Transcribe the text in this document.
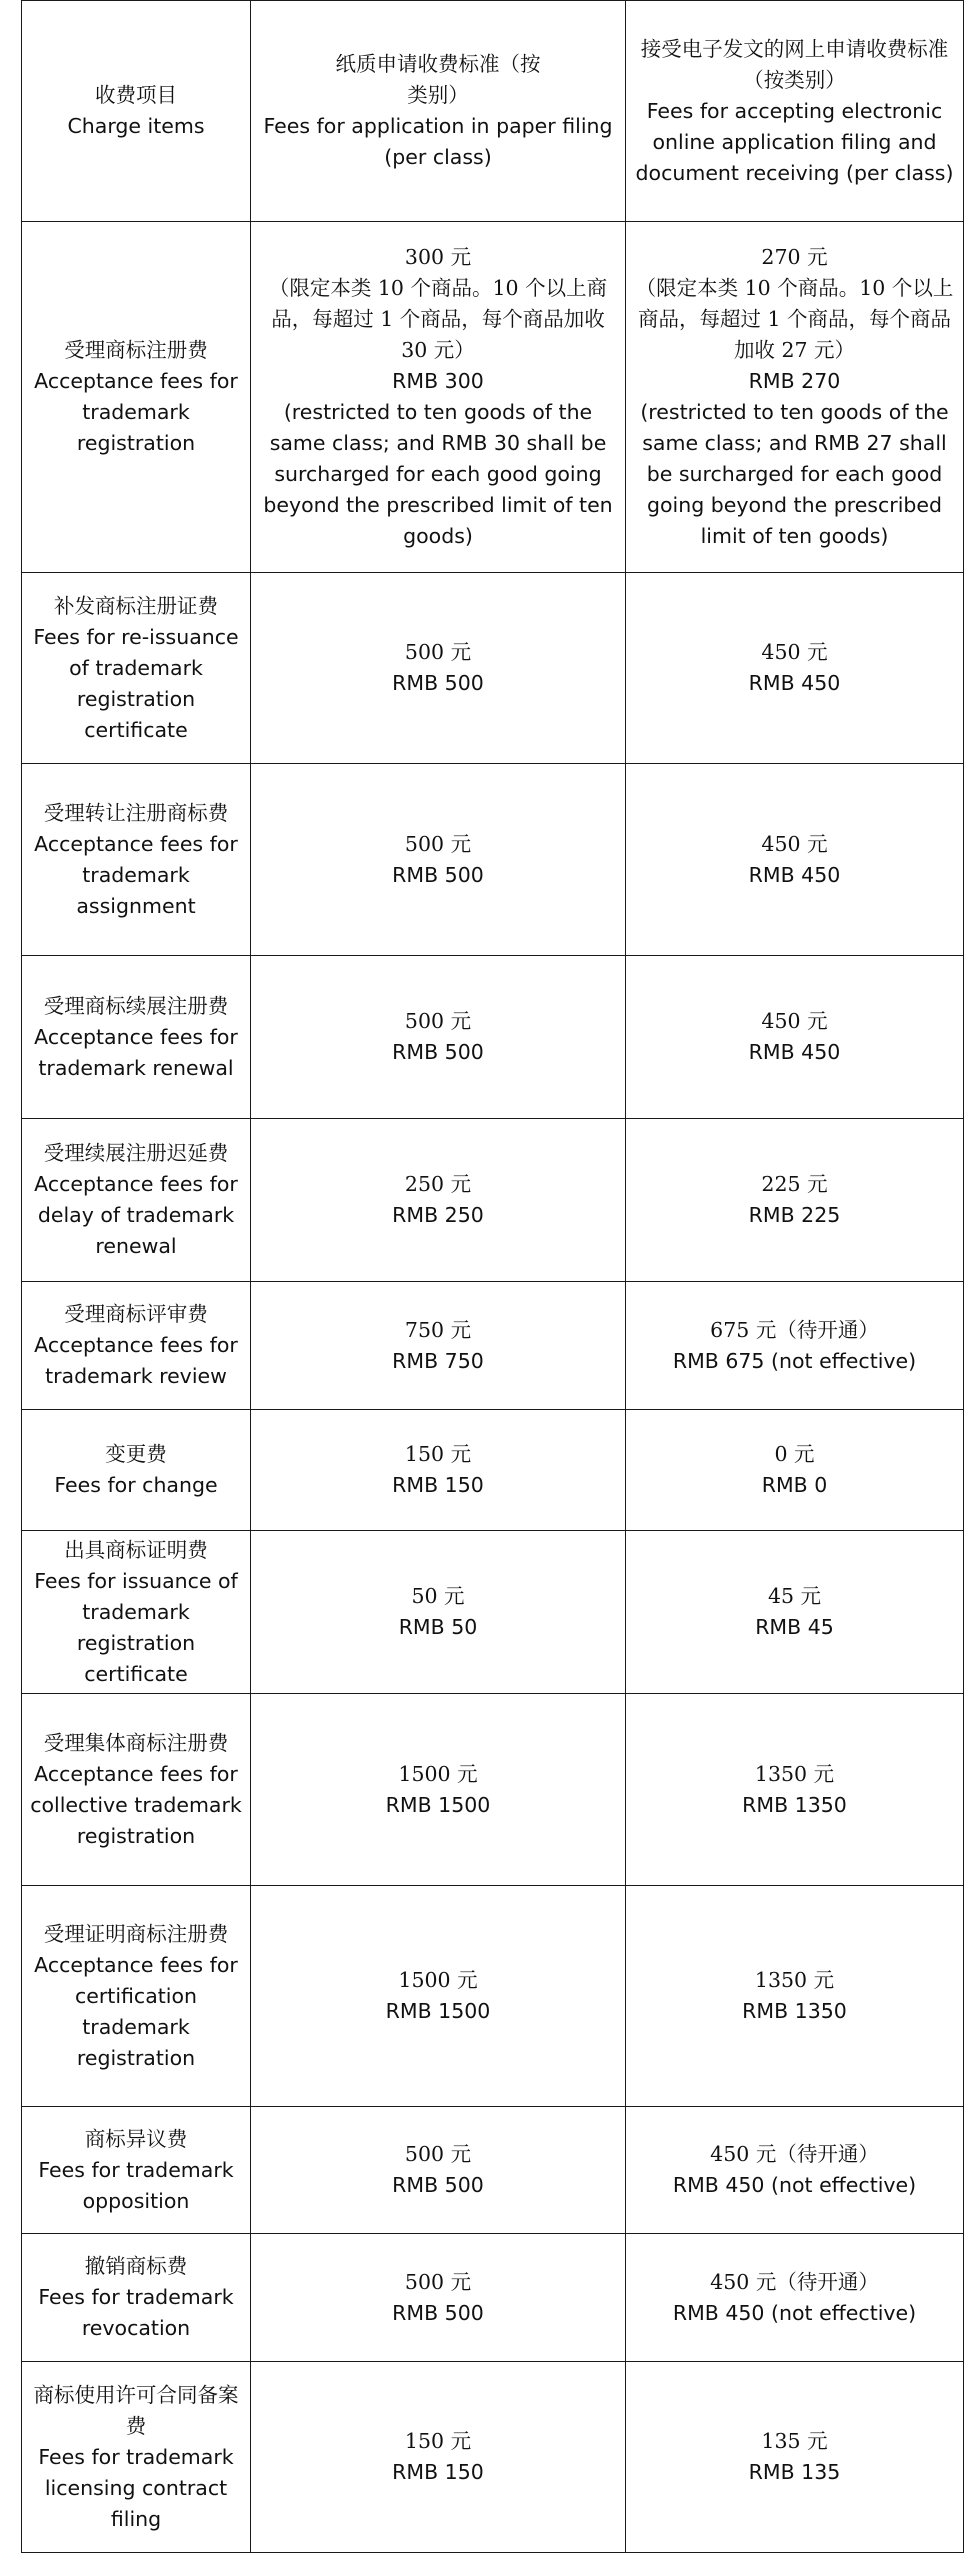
收费项目
Charge items	纸质申请收费标准（按类别）
Fees for application in paper filing (per class)	接受电子发文的网上申请收费标准（按类别）
Fees for accepting electronic online application filing and document receiving (per class)

受理商标注册费
Acceptance fees for trademark registration	300 元
（限定本类 10 个商品。10 个以上商品，每超过 1 个商品，每个商品加收 30 元）
RMB 300
(restricted to ten goods of the same class; and RMB 30 shall be surcharged for each good going beyond the prescribed limit of ten goods)	270 元
（限定本类 10 个商品。10 个以上商品，每超过 1 个商品，每个商品加收 27 元）
RMB 270
(restricted to ten goods of the same class; and RMB 27 shall be surcharged for each good going beyond the prescribed limit of ten goods)

补发商标注册证费
Fees for re-issuance of trademark registration certificate	500 元
RMB 500	450 元
RMB 450

受理转让注册商标费
Acceptance fees for trademark assignment	500 元
RMB 500	450 元
RMB 450

受理商标续展注册费
Acceptance fees for trademark renewal	500 元
RMB 500	450 元
RMB 450

受理续展注册迟延费
Acceptance fees for delay of trademark renewal	250 元
RMB 250	225 元
RMB 225

受理商标评审费
Acceptance fees for trademark review	750 元
RMB 750	675 元（待开通）
RMB 675 (not effective)

变更费
Fees for change	150 元
RMB 150	0 元
RMB 0

出具商标证明费
Fees for issuance of trademark registration certificate	50 元
RMB 50	45 元
RMB 45

受理集体商标注册费
Acceptance fees for collective trademark registration	1500 元
RMB 1500	1350 元
RMB 1350

受理证明商标注册费
Acceptance fees for certification trademark registration	1500 元
RMB 1500	1350 元
RMB 1350

商标异议费
Fees for trademark opposition	500 元
RMB 500	450 元（待开通）
RMB 450 (not effective)

撤销商标费
Fees for trademark revocation	500 元
RMB 500	450 元（待开通）
RMB 450 (not effective)

商标使用许可合同备案费
Fees for trademark licensing contract filing	150 元
RMB 150	135 元
RMB 135
